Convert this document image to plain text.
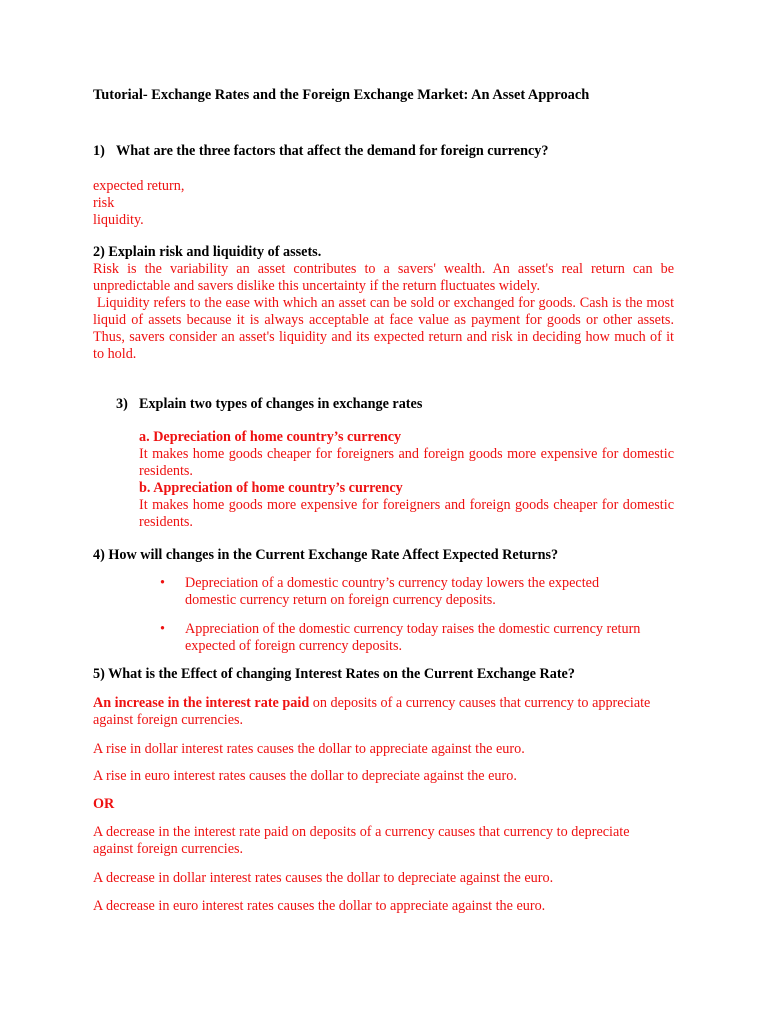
Tutorial- Exchange Rates and the Foreign Exchange Market: An Asset Approach
1) What are the three factors that affect the demand for foreign currency?
expected return,
risk
liquidity.
2) Explain risk and liquidity of assets.
Risk is the variability an asset contributes to a savers' wealth. An asset's real return can be unpredictable and savers dislike this uncertainty if the return fluctuates widely.
Liquidity refers to the ease with which an asset can be sold or exchanged for goods. Cash is the most liquid of assets because it is always acceptable at face value as payment for goods or other assets. Thus, savers consider an asset's liquidity and its expected return and risk in deciding how much of it to hold.
3) Explain two types of changes in exchange rates
a. Depreciation of home country’s currency
It makes home goods cheaper for foreigners and foreign goods more expensive for domestic residents.
b. Appreciation of home country’s currency
It makes home goods more expensive for foreigners and foreign goods cheaper for domestic residents.
4) How will changes in the Current Exchange Rate Affect Expected Returns?
• Depreciation of a domestic country’s currency today lowers the expected domestic currency return on foreign currency deposits.
• Appreciation of the domestic currency today raises the domestic currency return expected of foreign currency deposits.
5) What is the Effect of changing Interest Rates on the Current Exchange Rate?
An increase in the interest rate paid on deposits of a currency causes that currency to appreciate against foreign currencies.
A rise in dollar interest rates causes the dollar to appreciate against the euro.
A rise in euro interest rates causes the dollar to depreciate against the euro.
OR
A decrease in the interest rate paid on deposits of a currency causes that currency to depreciate against foreign currencies.
A decrease in dollar interest rates causes the dollar to depreciate against the euro.
A decrease in euro interest rates causes the dollar to appreciate against the euro.
